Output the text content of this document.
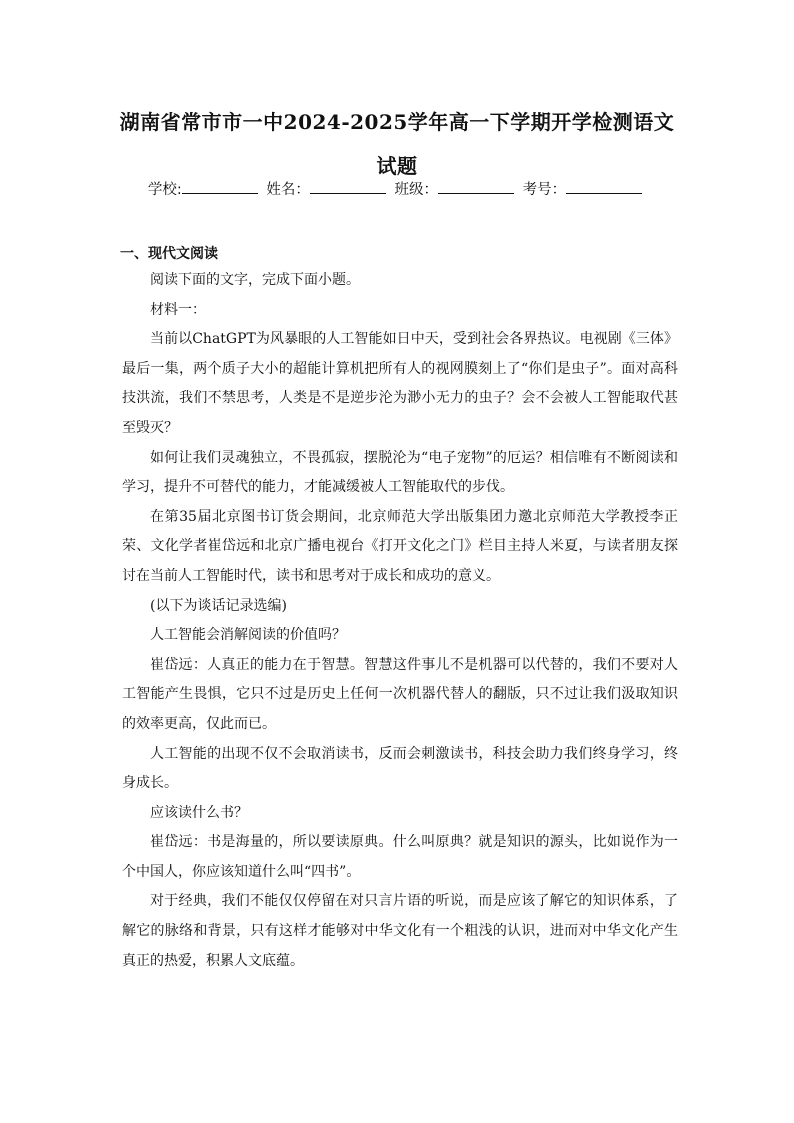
湖南省常市市一中2024-2025学年高一下学期开学检测语文试题
学校:	姓名：	班级：	考号：
一、现代文阅读

阅读下面的文字，完成下面小题。

材料一：

当前以ChatGPT为风暴眼的人工智能如日中天，受到社会各界热议。电视剧《三体》最后一集，两个质子大小的超能计算机把所有人的视网膜刻上了“你们是虫子”。面对高科技洪流，我们不禁思考，人类是不是逆步沦为渺小无力的虫子？会不会被人工智能取代甚至毁灭？

如何让我们灵魂独立，不畏孤寂，摆脱沦为“电子宠物”的厄运？相信唯有不断阅读和学习，提升不可替代的能力，才能减缓被人工智能取代的步伐。

在第35届北京图书订货会期间，北京师范大学出版集团力邀北京师范大学教授李正荣、文化学者崔岱远和北京广播电视台《打开文化之门》栏目主持人米夏，与读者朋友探讨在当前人工智能时代，读书和思考对于成长和成功的意义。

(以下为谈话记录选编)

人工智能会消解阅读的价值吗？

崔岱远：人真正的能力在于智慧。智慧这件事儿不是机器可以代替的，我们不要对人工智能产生畏惧，它只不过是历史上任何一次机器代替人的翻版，只不过让我们汲取知识的效率更高，仅此而已。

人工智能的出现不仅不会取消读书，反而会刺激读书，科技会助力我们终身学习，终身成长。

应该读什么书？

崔岱远：书是海量的，所以要读原典。什么叫原典？就是知识的源头，比如说作为一个中国人，你应该知道什么叫“四书”。

对于经典，我们不能仅仅停留在对只言片语的听说，而是应该了解它的知识体系，了解它的脉络和背景，只有这样才能够对中华文化有一个粗浅的认识，进而对中华文化产生真正的热爱，积累人文底蕴。
